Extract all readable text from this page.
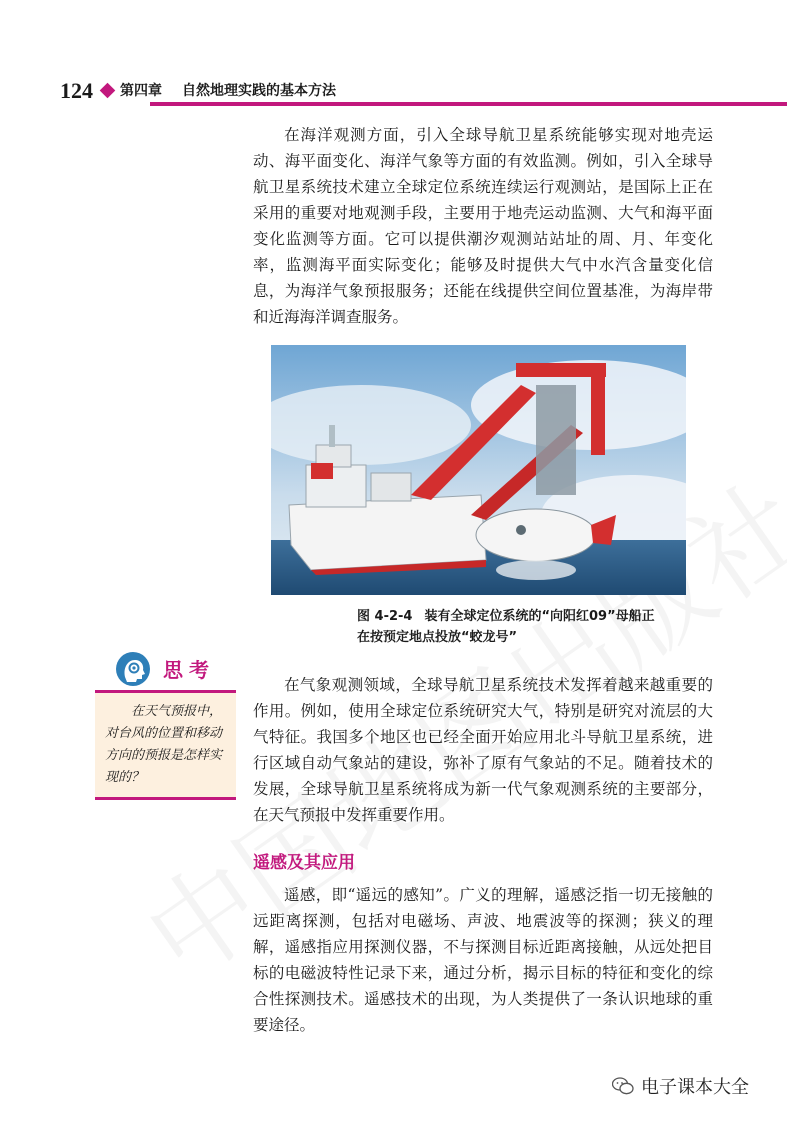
124 第四章 自然地理实践的基本方法

在海洋观测方面，引入全球导航卫星系统能够实现对地壳运动、海平面变化、海洋气象等方面的有效监测。例如，引入全球导航卫星系统技术建立全球定位系统连续运行观测站，是国际上正在采用的重要对地观测手段，主要用于地壳运动监测、大气和海平面变化监测等方面。它可以提供潮汐观测站站址的周、月、年变化率，监测海平面实际变化；能够及时提供大气中水汽含量变化信息，为海洋气象预报服务；还能在线提供空间位置基准，为海岸带和近海海洋调查服务。

图 4-2-4 装有全球定位系统的“向阳红09”母船正在按预定地点投放“蛟龙号”
思考

在天气预报中，对台风的位置和移动方向的预报是怎样实现的？

在气象观测领域，全球导航卫星系统技术发挥着越来越重要的作用。例如，使用全球定位系统研究大气，特别是研究对流层的大气特征。我国多个地区也已经全面开始应用北斗导航卫星系统，进行区域自动气象站的建设，弥补了原有气象站的不足。随着技术的发展，全球导航卫星系统将成为新一代气象观测系统的主要部分，在天气预报中发挥重要作用。

遥感及其应用

遥感，即“遥远的感知”。广义的理解，遥感泛指一切无接触的远距离探测，包括对电磁场、声波、地震波等的探测；狭义的理解，遥感指应用探测仪器，不与探测目标近距离接触，从远处把目标的电磁波特性记录下来，通过分析，揭示目标的特征和变化的综合性探测技术。遥感技术的出现，为人类提供了一条认识地球的重要途径。

电子课本大全
